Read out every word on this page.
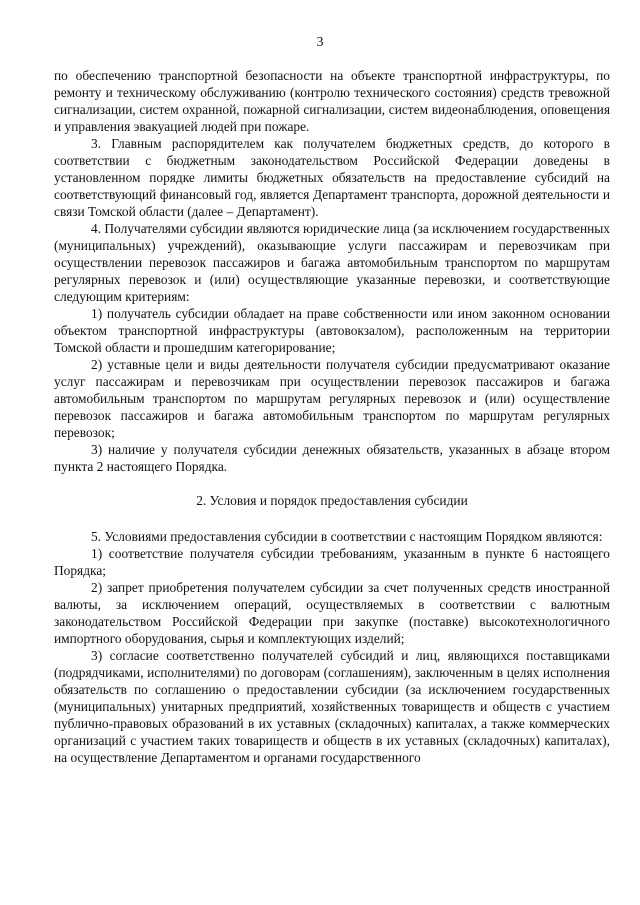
3

по обеспечению транспортной безопасности на объекте транспортной инфраструктуры, по ремонту и техническому обслуживанию (контролю технического состояния) средств тревожной сигнализации, систем охранной, пожарной сигнализации, систем видеонаблюдения, оповещения и управления эвакуацией людей при пожаре.

3. Главным распорядителем как получателем бюджетных средств, до которого в соответствии с бюджетным законодательством Российской Федерации доведены в установленном порядке лимиты бюджетных обязательств на предоставление субсидий на соответствующий финансовый год, является Департамент транспорта, дорожной деятельности и связи Томской области (далее – Департамент).

4. Получателями субсидии являются юридические лица (за исключением государственных (муниципальных) учреждений), оказывающие услуги пассажирам и перевозчикам при осуществлении перевозок пассажиров и багажа автомобильным транспортом по маршрутам регулярных перевозок и (или) осуществляющие указанные перевозки, и соответствующие следующим критериям:

1) получатель субсидии обладает на праве собственности или ином законном основании объектом транспортной инфраструктуры (автовокзалом), расположенным на территории Томской области и прошедшим категорирование;

2) уставные цели и виды деятельности получателя субсидии предусматривают оказание услуг пассажирам и перевозчикам при осуществлении перевозок пассажиров и багажа автомобильным транспортом по маршрутам регулярных перевозок и (или) осуществление перевозок пассажиров и багажа автомобильным транспортом по маршрутам регулярных перевозок;

3) наличие у получателя субсидии денежных обязательств, указанных в абзаце втором пункта 2 настоящего Порядка.

2. Условия и порядок предоставления субсидии

5. Условиями предоставления субсидии в соответствии с настоящим Порядком являются:

1) соответствие получателя субсидии требованиям, указанным в пункте 6 настоящего Порядка;

2) запрет приобретения получателем субсидии за счет полученных средств иностранной валюты, за исключением операций, осуществляемых в соответствии с валютным законодательством Российской Федерации при закупке (поставке) высокотехнологичного импортного оборудования, сырья и комплектующих изделий;

3) согласие соответственно получателей субсидий и лиц, являющихся поставщиками (подрядчиками, исполнителями) по договорам (соглашениям), заключенным в целях исполнения обязательств по соглашению о предоставлении субсидии (за исключением государственных (муниципальных) унитарных предприятий, хозяйственных товариществ и обществ с участием публично-правовых образований в их уставных (складочных) капиталах, а также коммерческих организаций с участием таких товариществ и обществ в их уставных (складочных) капиталах), на осуществление Департаментом и органами государственного
